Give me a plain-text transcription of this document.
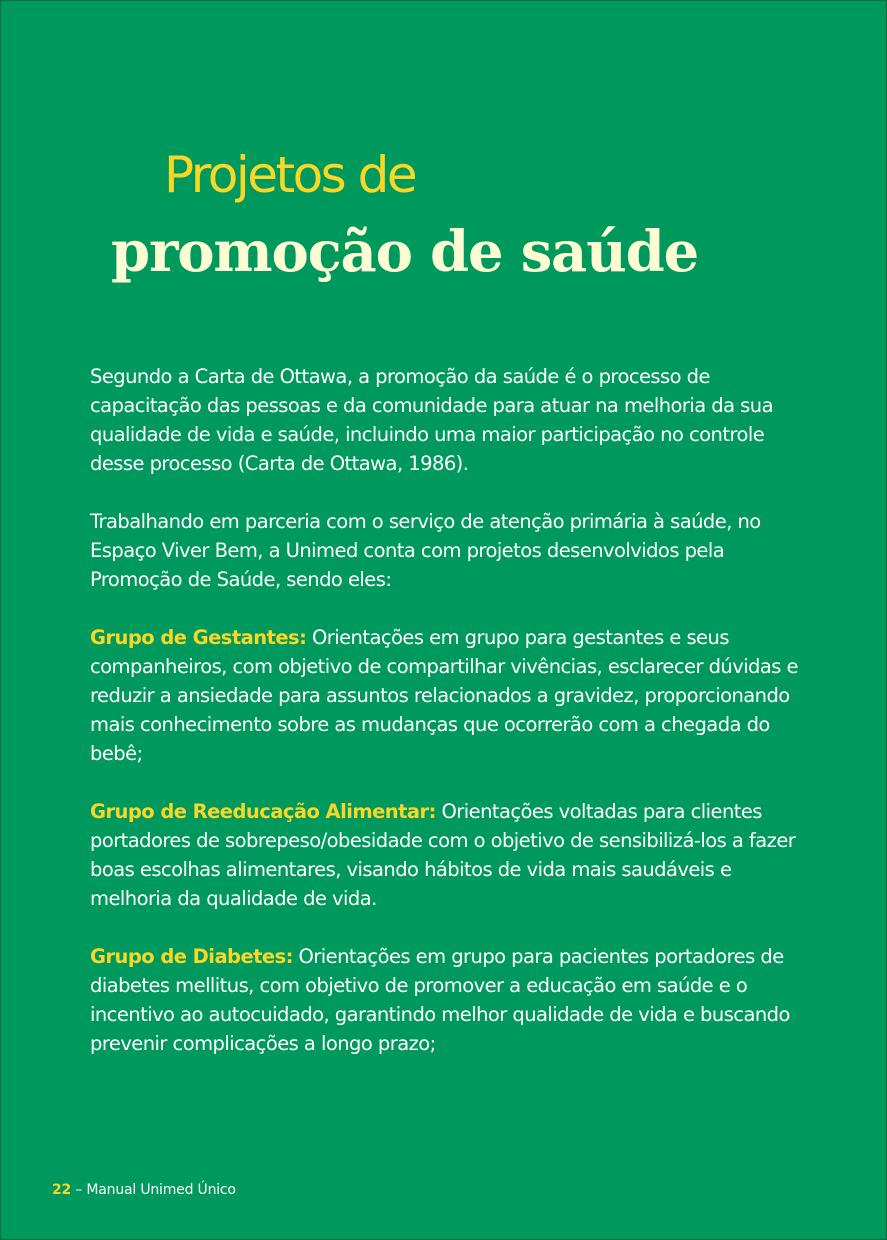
Projetos de
promoção de saúde

Segundo a Carta de Ottawa, a promoção da saúde é o processo de capacitação das pessoas e da comunidade para atuar na melhoria da sua qualidade de vida e saúde, incluindo uma maior participação no controle desse processo (Carta de Ottawa, 1986).

Trabalhando em parceria com o serviço de atenção primária à saúde, no Espaço Viver Bem, a Unimed conta com projetos desenvolvidos pela Promoção de Saúde, sendo eles:

Grupo de Gestantes: Orientações em grupo para gestantes e seus companheiros, com objetivo de compartilhar vivências, esclarecer dúvidas e reduzir a ansiedade para assuntos relacionados a gravidez, proporcionando mais conhecimento sobre as mudanças que ocorrerão com a chegada do bebê;

Grupo de Reeducação Alimentar: Orientações voltadas para clientes portadores de sobrepeso/obesidade com o objetivo de sensibilizá-los a fazer boas escolhas alimentares, visando hábitos de vida mais saudáveis e melhoria da qualidade de vida.

Grupo de Diabetes: Orientações em grupo para pacientes portadores de diabetes mellitus, com objetivo de promover a educação em saúde e o incentivo ao autocuidado, garantindo melhor qualidade de vida e buscando prevenir complicações a longo prazo;

22 – Manual Unimed Único
